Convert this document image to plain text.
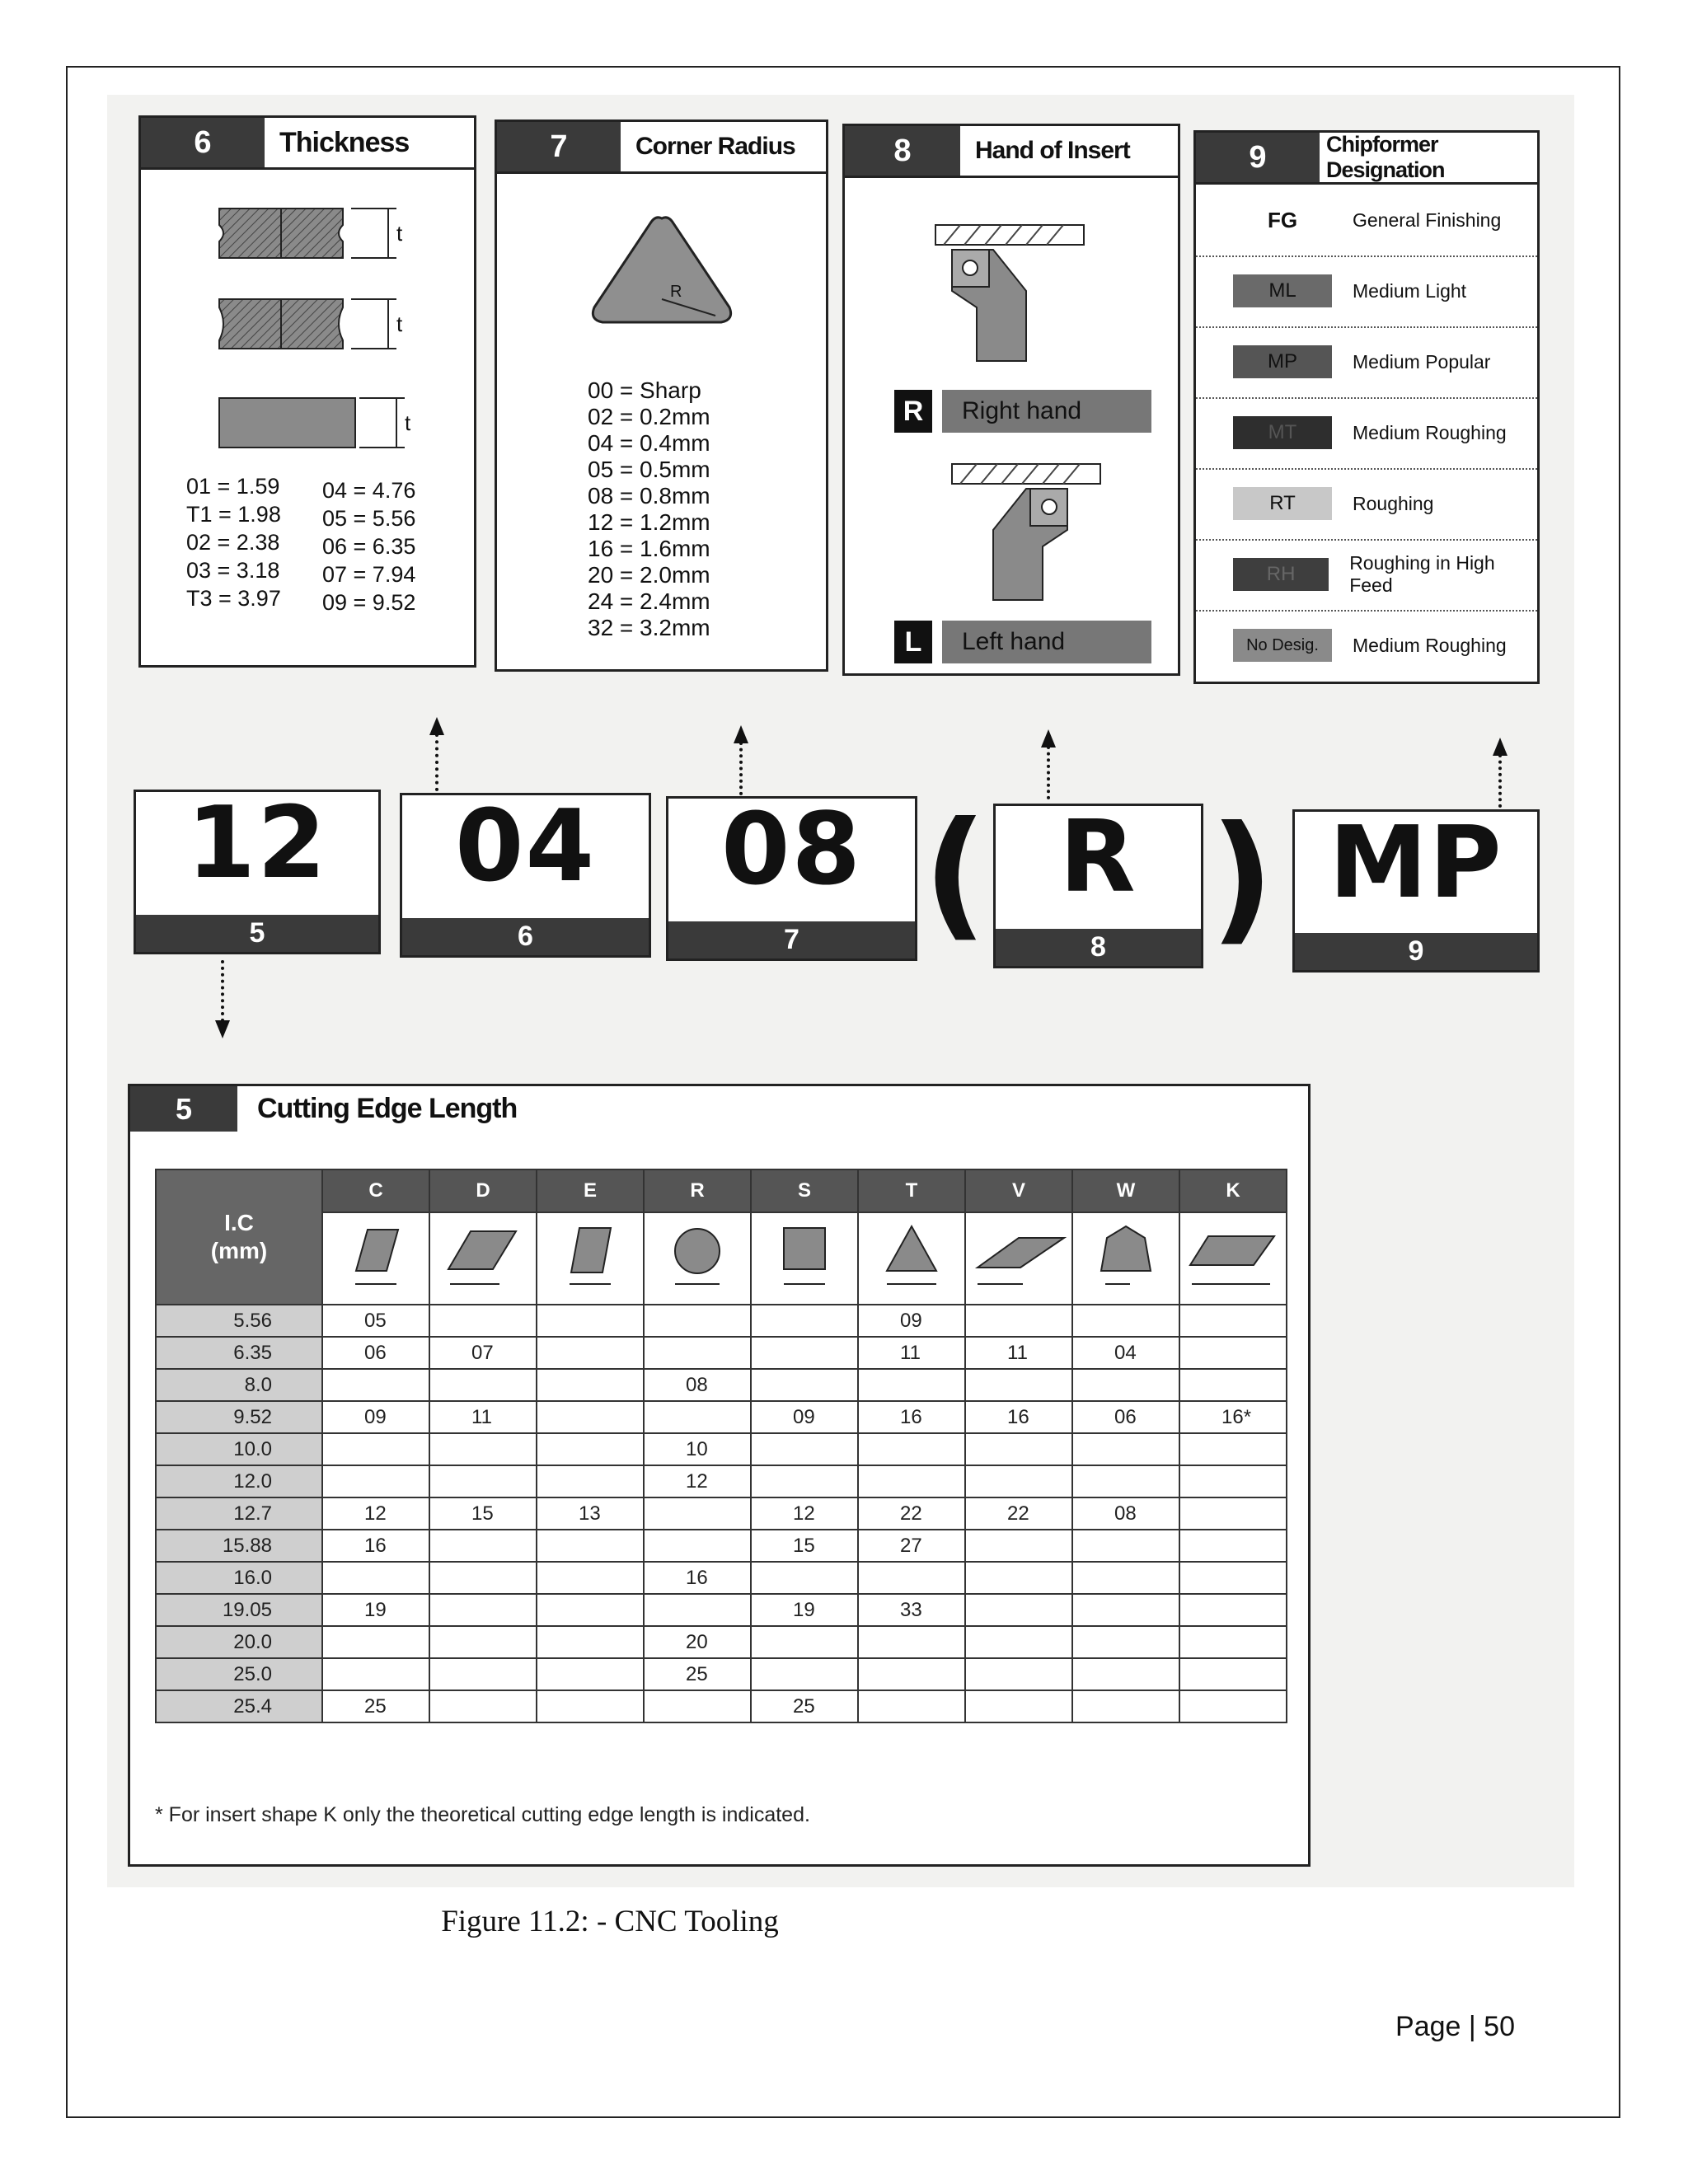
6	Thickness
t
t
t
01 = 1.59
T1 = 1.98
02 = 2.38
03 = 3.18
T3 = 3.97
04 = 4.76
05 = 5.56
06 = 6.35
07 = 7.94
09 = 9.52
7	Corner Radius
R
00 = Sharp
02 = 0.2mm
04 = 0.4mm
05 = 0.5mm
08 = 0.8mm
12 = 1.2mm
16 = 1.6mm
20 = 2.0mm
24 = 2.4mm
32 = 3.2mm
8	Hand of Insert
R	Right hand
L	Left hand
9	Chipformer Designation
FG	General Finishing
ML	Medium Light
MP	Medium Popular
MT	Medium Roughing
RT	Roughing
RH	Roughing in High Feed
No Desig.	Medium Roughing
12
5
04
6
08
7 ( R
8 ) MP
9
5	Cutting Edge Length
I.C
(mm)	C	D	E	R	S	T	V	W	K

5.56	05					09			
6.35	06	07				11	11	04	
8.0				08					
9.52	09	11			09	16	16	06	16*
10.0				10					
12.0				12					
12.7	12	15	13		12	22	22	08	
15.88	16				15	27			
16.0				16					
19.05	19				19	33			
20.0				20					
25.0				25					
25.4	25				25				
* For insert shape K only the theoretical cutting edge length is indicated.
Figure 11.2: - CNC Tooling
Page | 50
